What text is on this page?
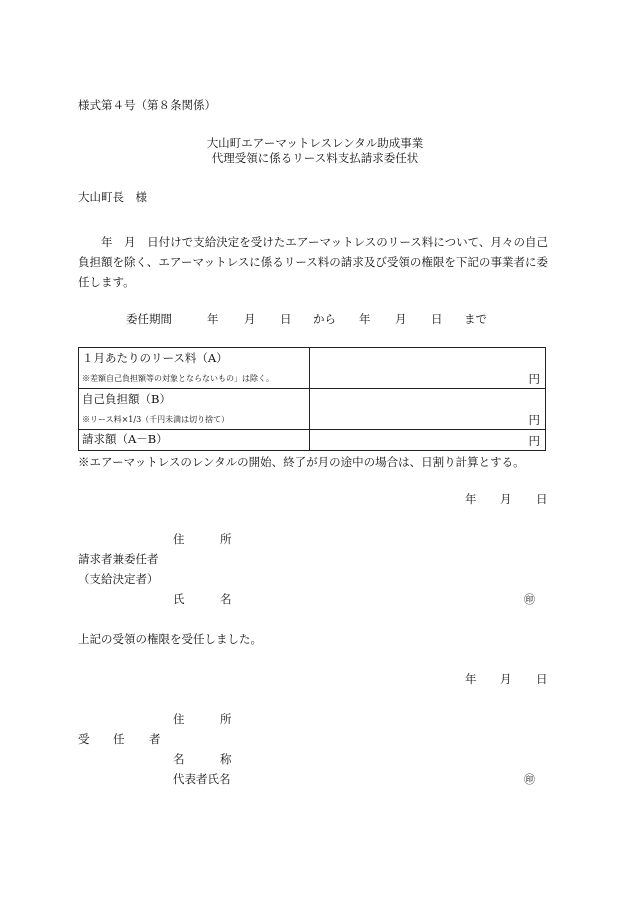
様式第４号（第８条関係）
大山町エアーマットレスレンタル助成事業
代理受領に係るリース料支払請求委任状
大山町長　様
　　年　月　日付けで支給決定を受けたエアーマットレスのリース料について、月々の自己負担額を除く、エアーマットレスに係るリース料の請求及び受領の権限を下記の事業者に委任します。
委任期間	年 月 日 から 年 月 日 まで
１月あたりのリース料（A）
※差額自己負担額等の対象とならないもの」は除く。	円

自己負担額（B）
※リース料×1/3（千円未満は切り捨て）	円

請求額（A－B）	円
※エアーマットレスのレンタルの開始、終了が月の途中の場合は、日割り計算とする。
年 月 日
住	所
請求者兼委任者
（支給決定者）
氏	名	㊞
上記の受領の権限を受任しました。
年 月 日
住	所
受 任 者
名	称
代表者氏名	㊞
